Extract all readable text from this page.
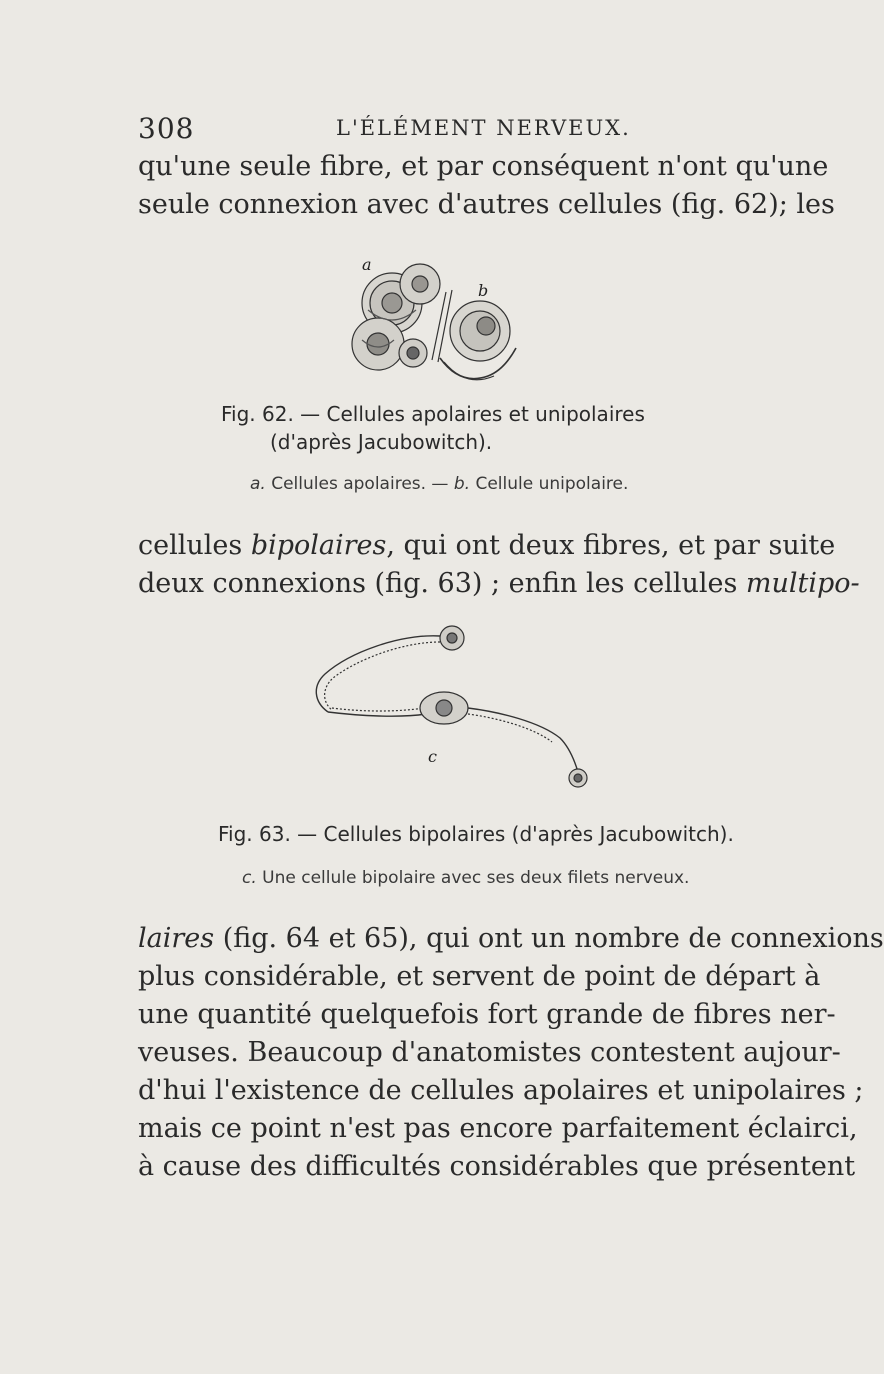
308	L'ÉLÉMENT NERVEUX.

qu'une seule fibre, et par conséquent n'ont qu'une
seule connexion avec d'autres cellules (fig. 62); les

a
b
Fig. 62. — Cellules apolaires et unipolaires
(d'après Jacubowitch).
a. Cellules apolaires. — b. Cellule unipolaire.

cellules bipolaires, qui ont deux fibres, et par suite
deux connexions (fig. 63) ; enfin les cellules multipo-

c
Fig. 63. — Cellules bipolaires (d'après Jacubowitch).
c. Une cellule bipolaire avec ses deux filets nerveux.

laires (fig. 64 et 65), qui ont un nombre de connexions
plus considérable, et servent de point de départ à
une quantité quelquefois fort grande de fibres ner-
veuses. Beaucoup d'anatomistes contestent aujour-
d'hui l'existence de cellules apolaires et unipolaires ;
mais ce point n'est pas encore parfaitement éclairci,
à cause des difficultés considérables que présentent
